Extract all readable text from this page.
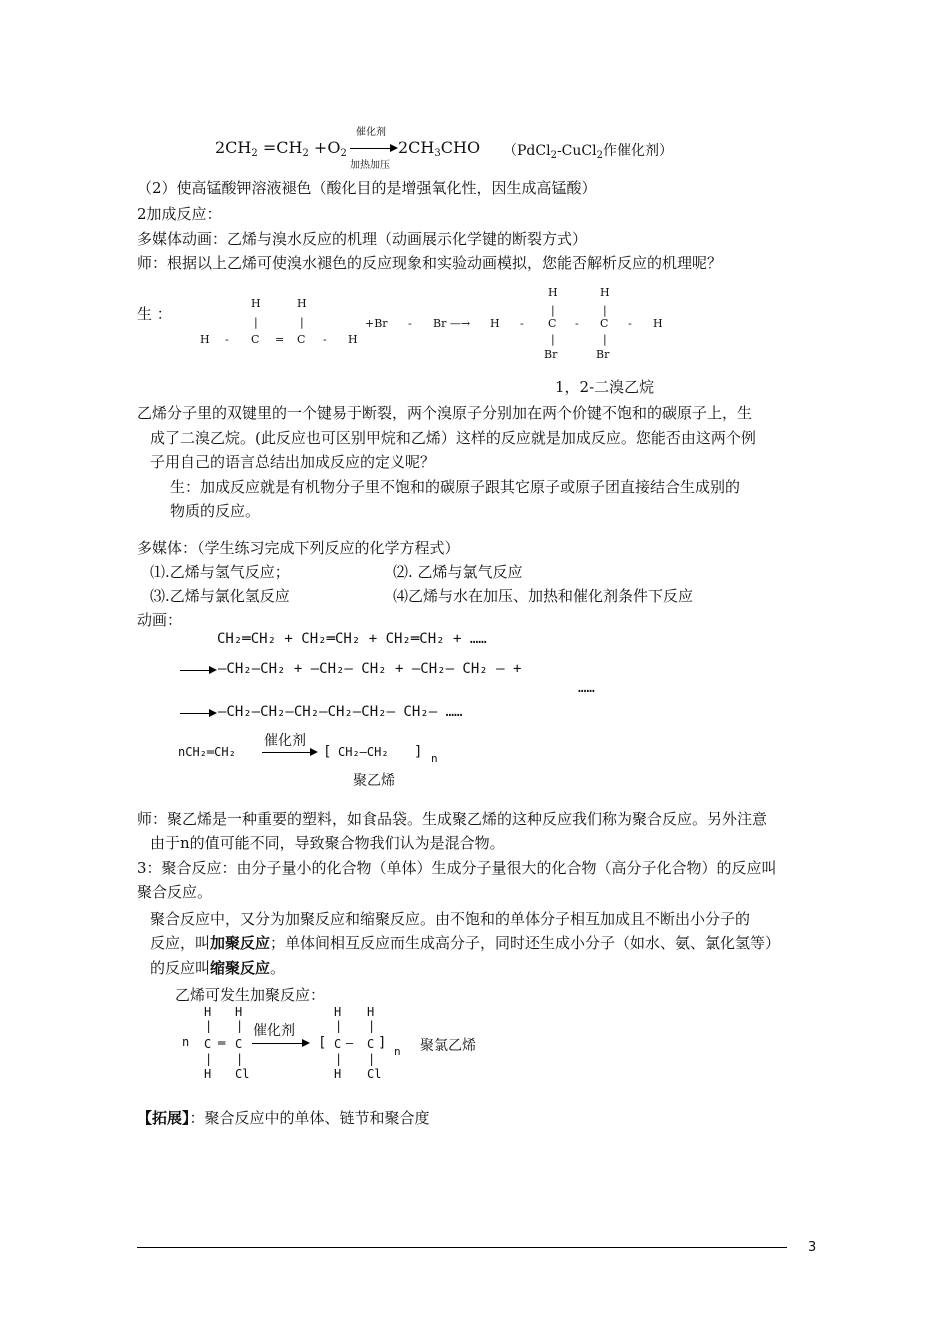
$2CH_2 =CH_2 +O_2$
催化剂
加热加压
$2CH_3CHO$ （PdCl$_2$-CuCl$_2$作催化剂）
（2）使高锰酸钾溶液褪色（酸化目的是增强氧化性，因生成高锰酸）
2加成反应：
多媒体动画：乙烯与溴水反应的机理（动画展示化学键的断裂方式）
师：根据以上乙烯可使溴水褪色的反应现象和实验动画模拟，您能否解析反应的机理呢？
生 ：
H	H
|	|
H - C = C - H
+Br - Br —→
H	H
|	|
H - C - C - H
|	|
Br	Br
1，2-二溴乙烷
乙烯分子里的双键里的一个键易于断裂，两个溴原子分别加在两个价键不饱和的碳原子上，生
成了二溴乙烷。(此反应也可区别甲烷和乙烯）这样的反应就是加成反应。您能否由这两个例
子用自己的语言总结出加成反应的定义呢？
生：加成反应就是有机物分子里不饱和的碳原子跟其它原子或原子团直接结合生成别的
物质的反应。
多媒体：（学生练习完成下列反应的化学方程式）
⑴.乙烯与氢气反应；	⑵. 乙烯与氯气反应
⑶.乙烯与氯化氢反应	⑷乙烯与水在加压、加热和催化剂条件下反应
动画：
CH₂═CH₂ + CH₂═CH₂ + CH₂═CH₂ + ……
—CH₂—CH₂ + —CH₂— CH₂ + —CH₂— CH₂ — +
……
—CH₂—CH₂—CH₂—CH₂—CH₂— CH₂— ……
nCH₂═CH₂
催化剂
[ CH₂—CH₂ ] n
聚乙烯
师：聚乙烯是一种重要的塑料，如食品袋。生成聚乙烯的这种反应我们称为聚合反应。另外注意
由于n的值可能不同，导致聚合物我们认为是混合物。
3：聚合反应：由分子量小的化合物（单体）生成分子量很大的化合物（高分子化合物）的反应叫
聚合反应。
聚合反应中，又分为加聚反应和缩聚反应。由不饱和的单体分子相互加成且不断出小分子的
反应，叫加聚反应；单体间相互反应而生成高分子，同时还生成小分子（如水、氨、氯化氢等）
的反应叫缩聚反应。
乙烯可发生加聚反应：
n
H H
| |
C ═ C
| |
H Cl
催化剂
[
H H
| |
C — C ]
| |
H Cl
n 聚氯乙烯
【拓展】：聚合反应中的单体、链节和聚合度
3
